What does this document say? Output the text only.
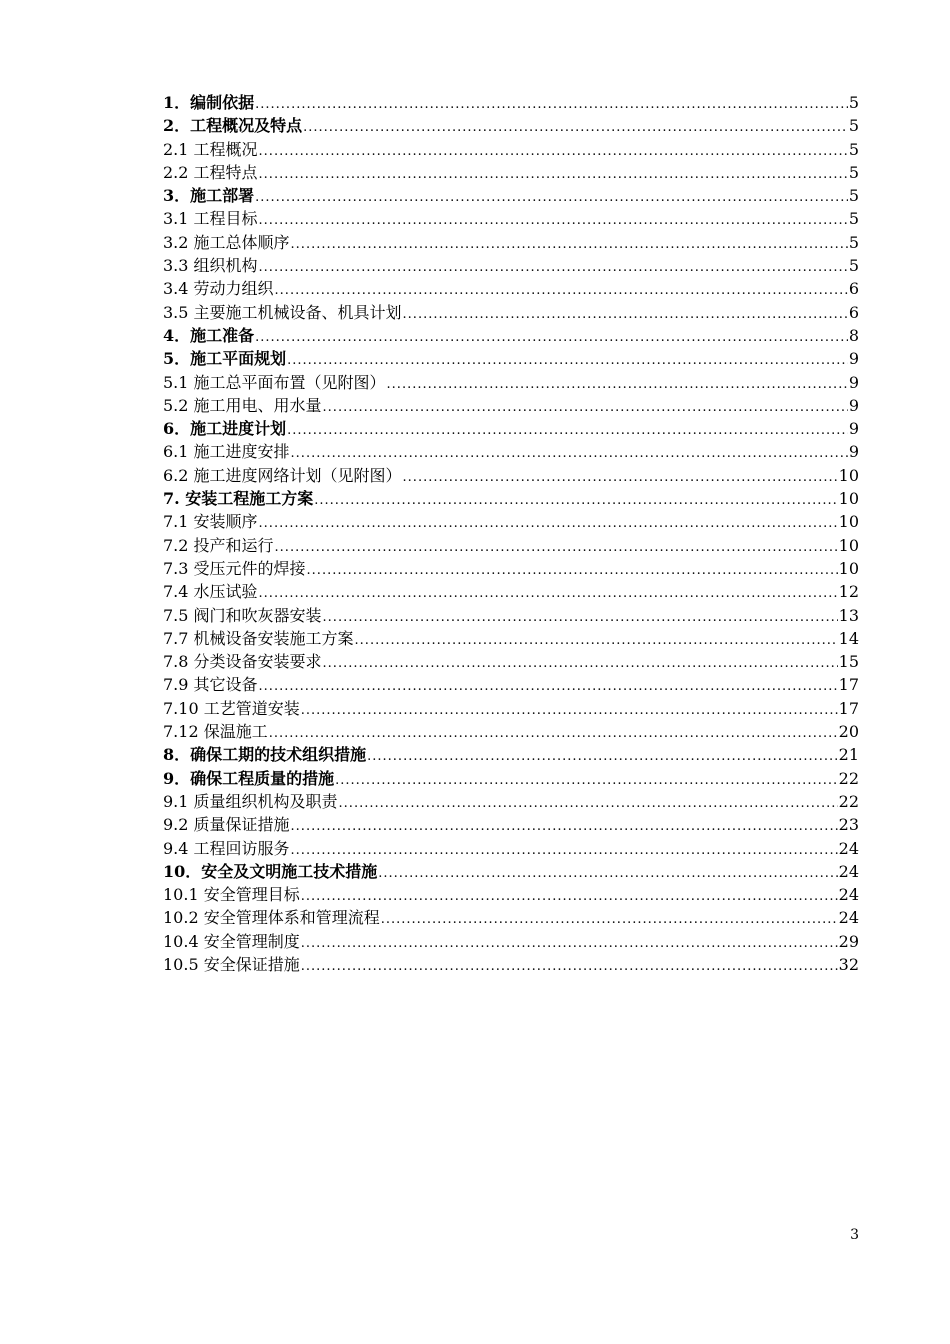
1．编制依据 .....	5
2．工程概况及特点 .....	5
2.1 工程概况 .....	5
2.2 工程特点 .....	5
3．施工部署 .....	5
3.1 工程目标 .....	5
3.2 施工总体顺序 .....	5
3.3 组织机构 .....	5
3.4 劳动力组织 .....	6
3.5 主要施工机械设备、机具计划 .....	6
4．施工准备 .....	8
5．施工平面规划 .....	9
5.1 施工总平面布置（见附图） .....	9
5.2 施工用电、用水量 .....	9
6．施工进度计划 .....	9
6.1 施工进度安排 .....	9
6.2 施工进度网络计划（见附图） .....	10
7. 安装工程施工方案 .....	10
7.1 安装顺序 .....	10
7.2 投产和运行 .....	10
7.3 受压元件的焊接 .....	10
7.4 水压试验 .....	12
7.5 阀门和吹灰器安装 .....	13
7.7 机械设备安装施工方案 .....	14
7.8 分类设备安装要求 .....	15
7.9 其它设备 .....	17
7.10 工艺管道安装 .....	17
7.12 保温施工 .....	20
8．确保工期的技术组织措施 .....	21
9．确保工程质量的措施 .....	22
9.1 质量组织机构及职责 .....	22
9.2 质量保证措施 .....	23
9.4 工程回访服务 .....	24
10．安全及文明施工技术措施 .....	24
10.1 安全管理目标 .....	24
10.2 安全管理体系和管理流程 .....	24
10.4 安全管理制度 .....	29
10.5 安全保证措施 .....	32
3
